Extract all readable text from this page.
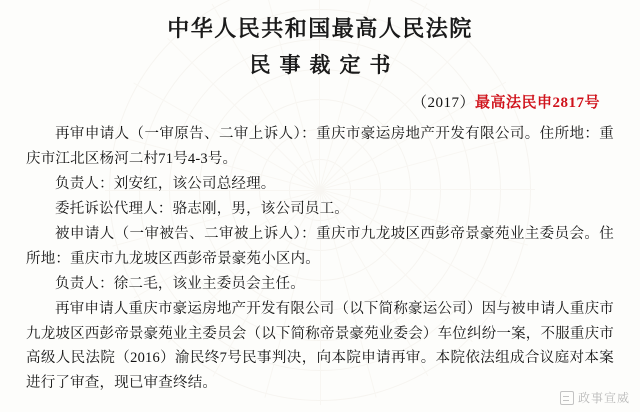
中华人民共和国最高人民法院
民事裁定书
（2017）最高法民申2817号

再审申请人（一审原告、二审上诉人）：重庆市豪运房地产开发有限公司。住所地：重庆市江北区杨河二村71号4-3号。

负责人：刘安红，该公司总经理。

委托诉讼代理人：骆志刚，男，该公司员工。

被申请人（一审被告、二审被上诉人）：重庆市九龙坡区西彭帝景豪苑业主委员会。住所地：重庆市九龙坡区西彭帝景豪苑小区内。

负责人：徐二毛，该业主委员会主任。

再审申请人重庆市豪运房地产开发有限公司（以下简称豪运公司）因与被申请人重庆市九龙坡区西彭帝景豪苑业主委员会（以下简称帝景豪苑业委会）车位纠纷一案，不服重庆市高级人民法院（2016）渝民终7号民事判决，向本院申请再审。本院依法组成合议庭对本案进行了审查，现已审查终结。

政事宣威
